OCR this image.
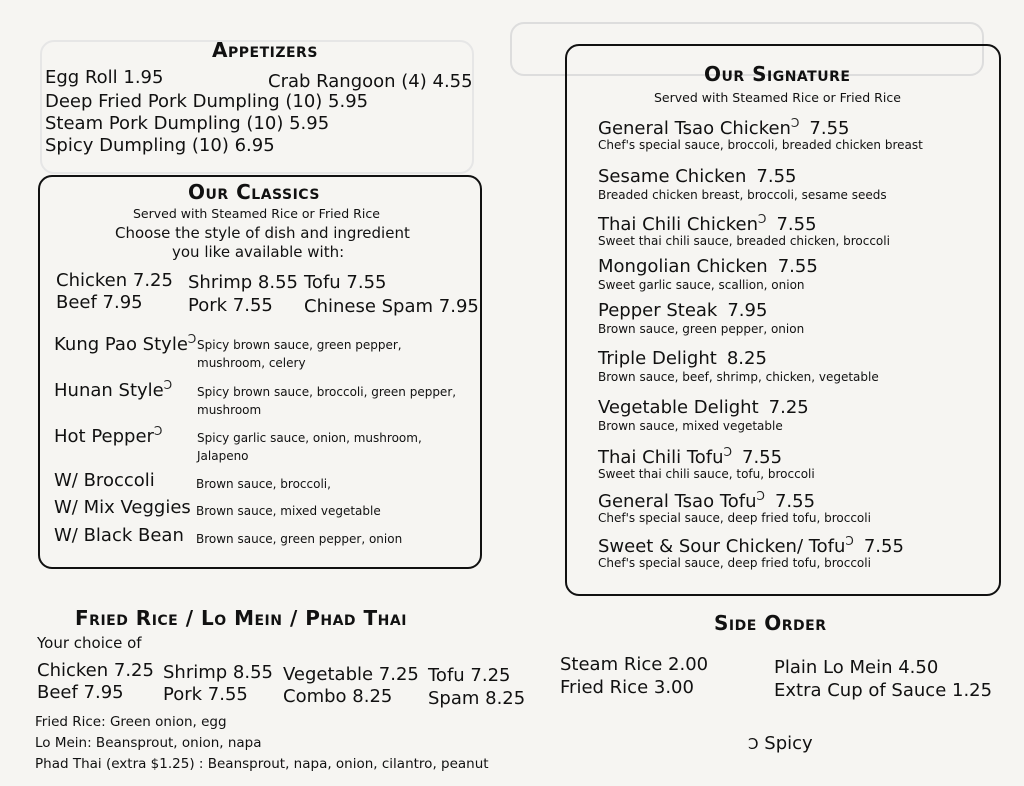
Appetizers
Egg Roll 1.95	Crab Rangoon (4) 4.55
Deep Fried Pork Dumpling (10) 5.95
Steam Pork Dumpling (10) 5.95
Spicy Dumpling (10) 6.95
Our Classics
Served with Steamed Rice or Fried Rice
Choose the style of dish and ingredient
you like available with:
Chicken 7.25 Shrimp 8.55 Tofu 7.55
Beef 7.95	Pork 7.55 Chinese Spam 7.95
Kung Pao Style$^Ɔ$ Spicy brown sauce, green pepper,
mushroom, celery
Hunan Style$^Ɔ$ Spicy brown sauce, broccoli, green pepper,
mushroom
Hot Pepper$^Ɔ$	Spicy garlic sauce, onion, mushroom,
Jalapeno
W/ Broccoli	Brown sauce, broccoli,
W/ Mix Veggies Brown sauce, mixed vegetable
W/ Black Bean Brown sauce, green pepper, onion
Fried Rice / Lo Mein / Phad Thai
Your choice of
Chicken 7.25 Shrimp 8.55 Vegetable 7.25 Tofu 7.25
Beef 7.95 Pork 7.55 Combo 8.25 Spam 8.25
Fried Rice: Green onion, egg
Lo Mein: Beansprout, onion, napa
Phad Thai (extra $1.25) : Beansprout, napa, onion, cilantro, peanut
Our Signature
Served with Steamed Rice or Fried Rice
General Tsao Chicken$^Ɔ$ 7.55
Chef's special sauce, broccoli, breaded chicken breast
Sesame Chicken 7.55
Breaded chicken breast, broccoli, sesame seeds
Thai Chili Chicken$^Ɔ$ 7.55
Sweet thai chili sauce, breaded chicken, broccoli
Mongolian Chicken 7.55
Sweet garlic sauce, scallion, onion
Pepper Steak 7.95
Brown sauce, green pepper, onion
Triple Delight 8.25
Brown sauce, beef, shrimp, chicken, vegetable
Vegetable Delight 7.25
Brown sauce, mixed vegetable
Thai Chili Tofu$^Ɔ$ 7.55
Sweet thai chili sauce, tofu, broccoli
General Tsao Tofu$^Ɔ$ 7.55
Chef's special sauce, deep fried tofu, broccoli
Sweet & Sour Chicken/ Tofu$^Ɔ$ 7.55
Chef's special sauce, deep fried tofu, broccoli
Side Order
Steam Rice 2.00
Fried Rice 3.00
Plain Lo Mein 4.50
Extra Cup of Sauce 1.25
Ɔ Spicy
